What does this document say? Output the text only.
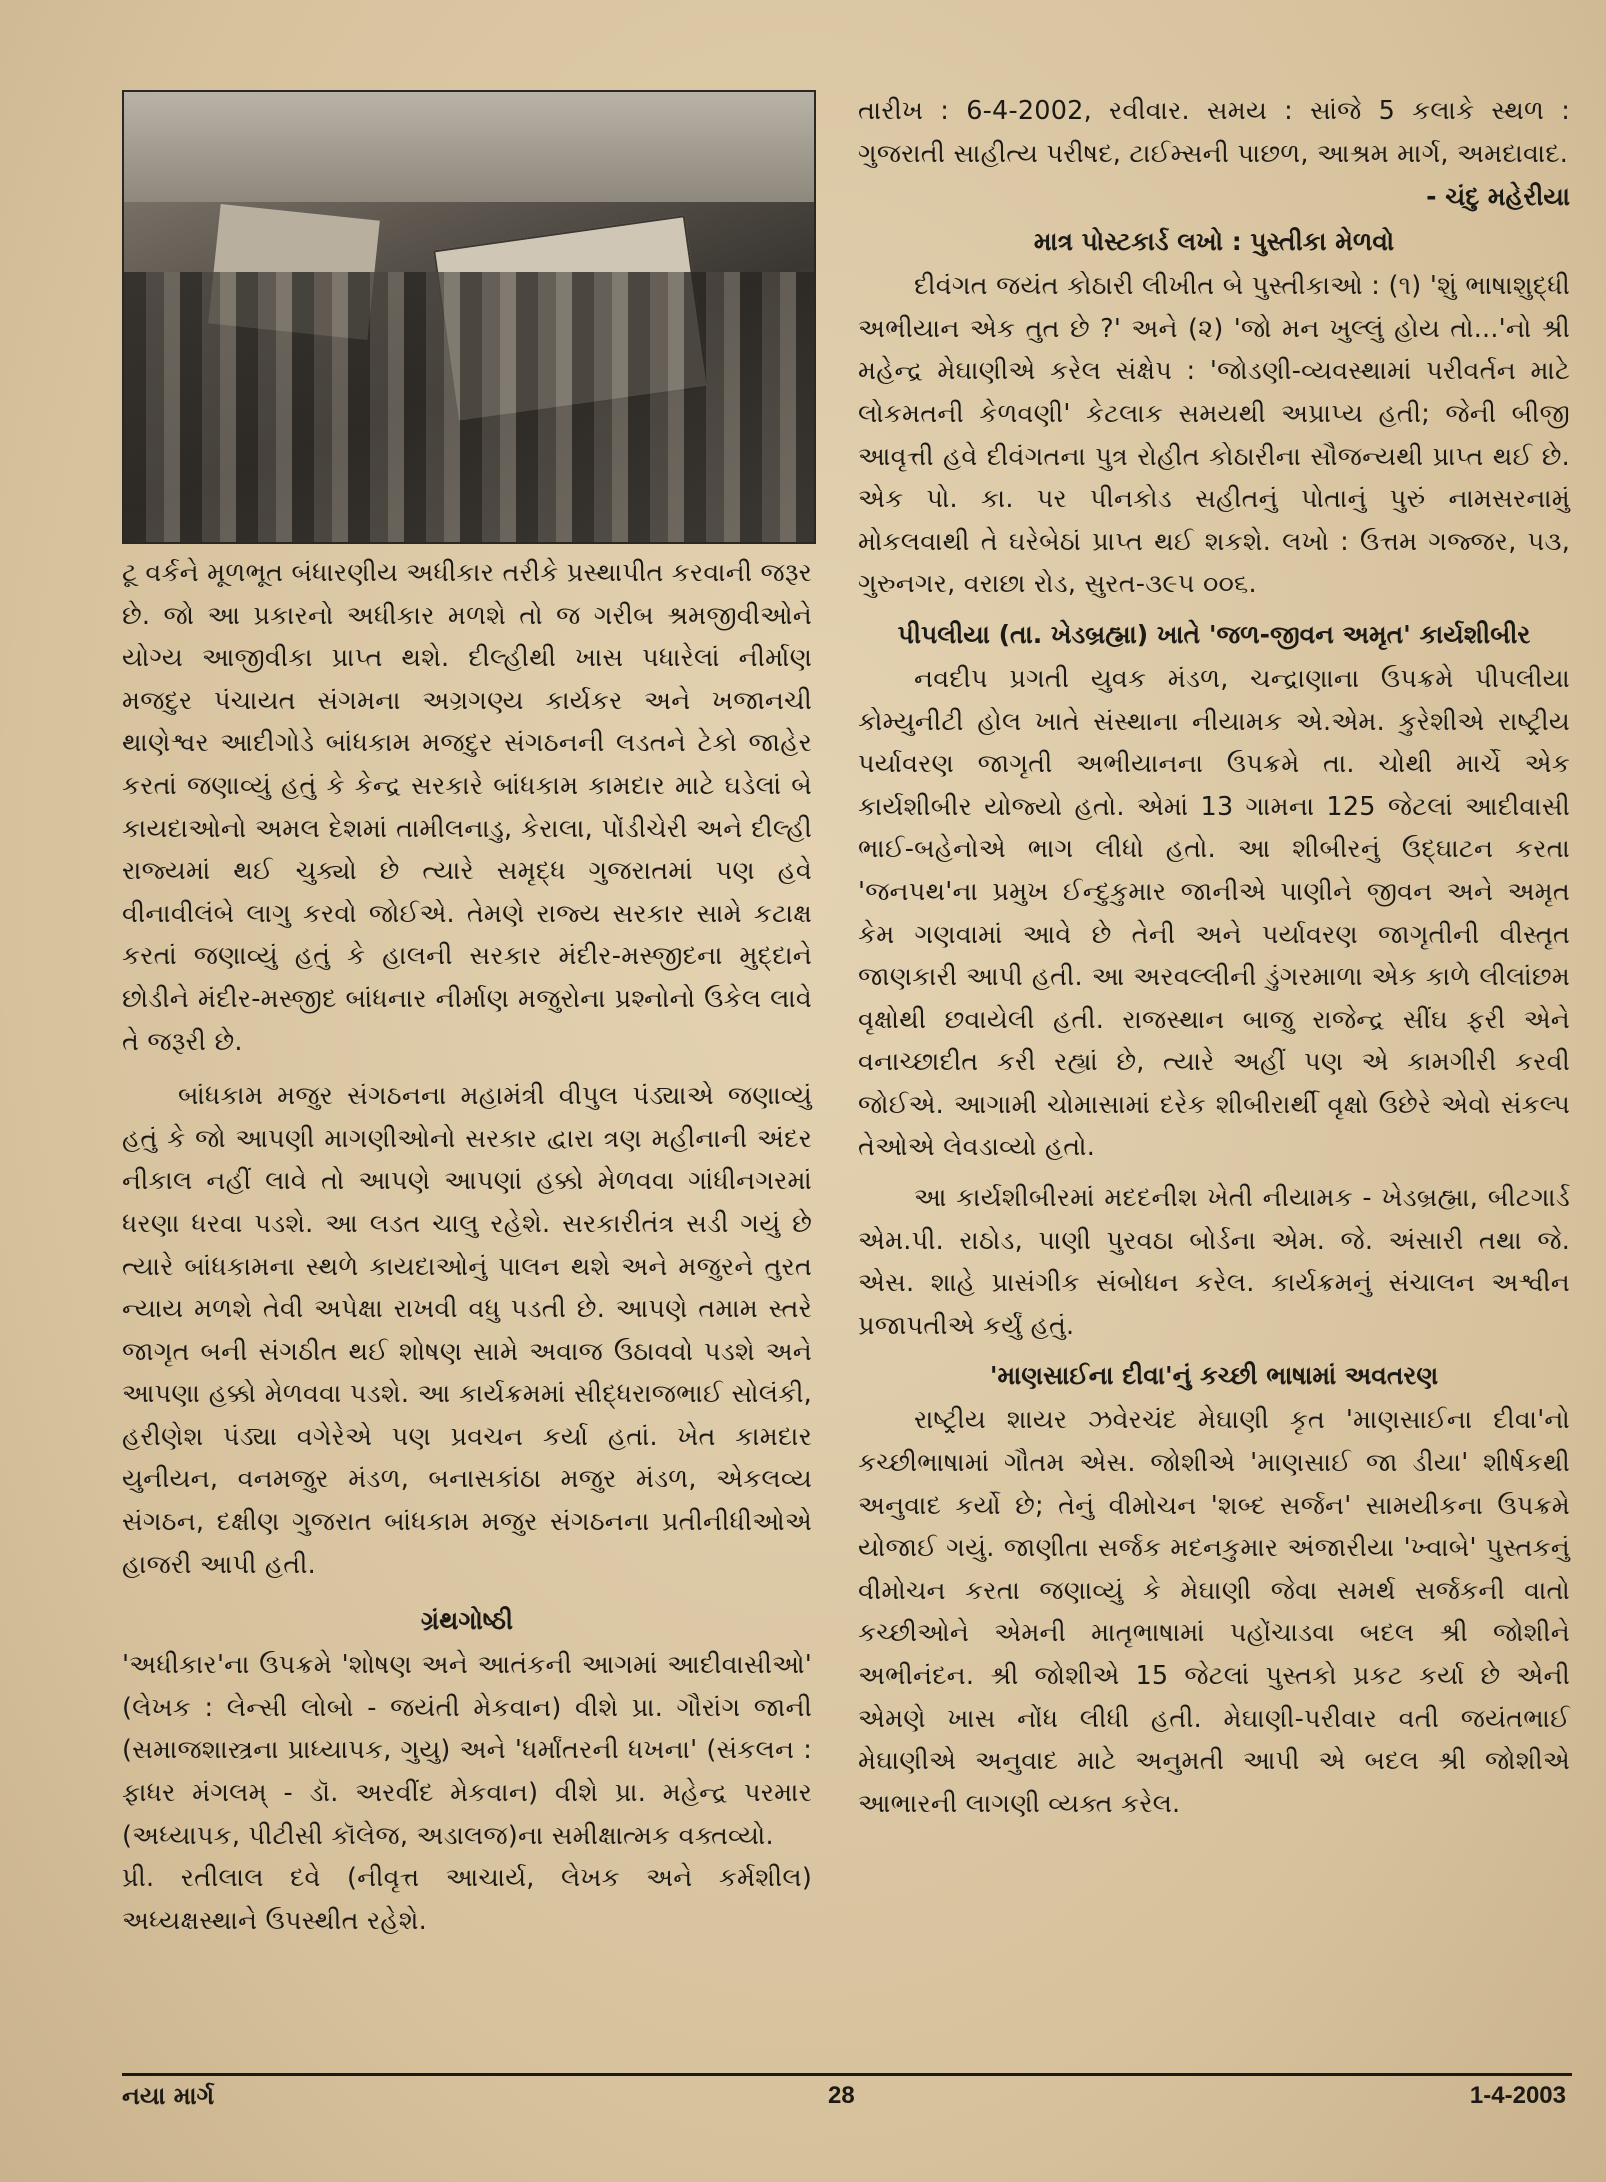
ટૂ વર્કને મૂળભૂત બંધારણીય અધીકાર તરીકે પ્રસ્થાપીત કરવાની જરૂર છે. જો આ પ્રકારનો અધીકાર મળશે તો જ ગરીબ શ્રમજીવીઓને યોગ્ય આજીવીકા પ્રાપ્ત થશે. દીલ્હીથી ખાસ પધારેલાં નીર્માણ મજદુર પંચાયત સંગમના અગ્રગણ્ય કાર્યકર અને ખજાનચી થાણેશ્વર આદીગોડે બાંધકામ મજદુર સંગઠનની લડતને ટેકો જાહેર કરતાં જણાવ્યું હતું કે કેન્દ્ર સરકારે બાંધકામ કામદાર માટે ઘડેલાં બે કાયદાઓનો અમલ દેશમાં તામીલનાડુ, કેરાલા, પોંડીચેરી અને દીલ્હી રાજ્યમાં થઈ ચુક્યો છે ત્યારે સમૃદ્ધ ગુજરાતમાં પણ હવે વીનાવીલંબે લાગુ કરવો જોઈએ. તેમણે રાજ્ય સરકાર સામે કટાક્ષ કરતાં જણાવ્યું હતું કે હાલની સરકાર મંદીર-મસ્જીદના મુદ્દાને છોડીને મંદીર-મસ્જીદ બાંધનાર નીર્માણ મજુરોના પ્રશ્નોનો ઉકેલ લાવે તે જરૂરી છે.

બાંધકામ મજુર સંગઠનના મહામંત્રી વીપુલ પંડ્યાએ જણાવ્યું હતું કે જો આપણી માગણીઓનો સરકાર દ્વારા ત્રણ મહીનાની અંદર નીકાલ નહીં લાવે તો આપણે આપણાં હક્કો મેળવવા ગાંધીનગરમાં ધરણા ધરવા પડશે. આ લડત ચાલુ રહેશે. સરકારીતંત્ર સડી ગયું છે ત્યારે બાંધકામના સ્થળે કાયદાઓનું પાલન થશે અને મજુરને તુરત ન્યાય મળશે તેવી અપેક્ષા રાખવી વધુ પડતી છે. આપણે તમામ સ્તરે જાગૃત બની સંગઠીત થઈ શોષણ સામે અવાજ ઉઠાવવો પડશે અને આપણા હક્કો મેળવવા પડશે. આ કાર્યક્રમમાં સીદ્ધરાજભાઈ સોલંકી, હરીણેશ પંડ્યા વગેરેએ પણ પ્રવચન કર્યા હતાં. ખેત કામદાર યુનીયન, વનમજુર મંડળ, બનાસકાંઠા મજુર મંડળ, એકલવ્ય સંગઠન, દક્ષીણ ગુજરાત બાંધકામ મજુર સંગઠનના પ્રતીનીધીઓએ હાજરી આપી હતી.

ગ્રંથગોષ્ઠી

'અધીકાર'ના ઉપક્રમે 'શોષણ અને આતંકની આગમાં આદીવાસીઓ' (લેખક : લેન્સી લોબો - જયંતી મેકવાન) વીશે પ્રા. ગૌરાંગ જાની (સમાજશાસ્ત્રના પ્રાધ્યાપક, ગુયુ) અને 'ધર્માંતરની ધખના' (સંકલન : ફાધર મંગલમ્ - ડૉ. અરવીંદ મેકવાન) વીશે પ્રા. મહેન્દ્ર પરમાર (અધ્યાપક, પીટીસી કૉલેજ, અડાલજ)ના સમીક્ષાત્મક વક્તવ્યો.

પ્રી. રતીલાલ દવે (નીવૃત્ત આચાર્ય, લેખક અને કર્મશીલ) અધ્યક્ષસ્થાને ઉપસ્થીત રહેશે.

તારીખ : 6-4-2002, રવીવાર. સમય : સાંજે 5 કલાકે સ્થળ : ગુજરાતી સાહીત્ય પરીષદ, ટાઈમ્સની પાછળ, આશ્રમ માર્ગ, અમદાવાદ.

- ચંદુ મહેરીયા
માત્ર પોસ્ટકાર્ડ લખો : પુસ્તીકા મેળવો

દીવંગત જયંત કોઠારી લીખીત બે પુસ્તીકાઓ : (૧) 'શું ભાષાશુદ્ધી અભીયાન એક તુત છે ?' અને (૨) 'જો મન ખુલ્લું હોય તો...'નો શ્રી મહેન્દ્ર મેઘાણીએ કરેલ સંક્ષેપ : 'જોડણી-વ્યવસ્થામાં પરીવર્તન માટે લોકમતની કેળવણી' કેટલાક સમયથી અપ્રાપ્ય હતી; જેની બીજી આવૃત્તી હવે દીવંગતના પુત્ર રોહીત કોઠારીના સૌજન્યથી પ્રાપ્ત થઈ છે. એક પો. કા. પર પીનકોડ સહીતનું પોતાનું પુરું નામસરનામું મોકલવાથી તે ઘરેબેઠાં પ્રાપ્ત થઈ શકશે. લખો : ઉત્તમ ગજ્જર, ૫૩, ગુરુનગર, વરાછા રોડ, સુરત-૩૯૫ ૦૦૬.

પીપલીયા (તા. ખેડબ્રહ્મા) ખાતે 'જળ-જીવન અમૃત' કાર્યશીબીર

નવદીપ પ્રગતી યુવક મંડળ, ચન્દ્રાણાના ઉપક્રમે પીપલીયા કોમ્યુનીટી હોલ ખાતે સંસ્થાના નીયામક એ.એમ. કુરેશીએ રાષ્ટ્રીય પર્યાવરણ જાગૃતી અભીયાનના ઉપક્રમે તા. ચોથી માર્ચે એક કાર્યશીબીર યોજ્યો હતો. એમાં 13 ગામના 125 જેટલાં આદીવાસી ભાઈ-બહેનોએ ભાગ લીધો હતો. આ શીબીરનું ઉદ્ઘાટન કરતા 'જનપથ'ના પ્રમુખ ઈન્દુકુમાર જાનીએ પાણીને જીવન અને અમૃત કેમ ગણવામાં આવે છે તેની અને પર્યાવરણ જાગૃતીની વીસ્તૃત જાણકારી આપી હતી. આ અરવલ્લીની ડુંગરમાળા એક કાળે લીલાંછમ વૃક્ષોથી છવાયેલી હતી. રાજસ્થાન બાજુ રાજેન્દ્ર સીંઘ ફરી એને વનાચ્છાદીત કરી રહ્યાં છે, ત્યારે અહીં પણ એ કામગીરી કરવી જોઈએ. આગામી ચોમાસામાં દરેક શીબીરાર્થી વૃક્ષો ઉછેરે એવો સંકલ્પ તેઓએ લેવડાવ્યો હતો.

આ કાર્યશીબીરમાં મદદનીશ ખેતી નીયામક - ખેડબ્રહ્મા, બીટગાર્ડ એમ.પી. રાઠોડ, પાણી પુરવઠા બોર્ડના એમ. જે. અંસારી તથા જે. એસ. શાહે પ્રાસંગીક સંબોધન કરેલ. કાર્યક્રમનું સંચાલન અશ્વીન પ્રજાપતીએ કર્યું હતું.

'માણસાઈના દીવા'નું કચ્છી ભાષામાં અવતરણ

રાષ્ટ્રીય શાયર ઝવેરચંદ મેઘાણી કૃત 'માણસાઈના દીવા'નો કચ્છીભાષામાં ગૌતમ એસ. જોશીએ 'માણસાઈ જા ડીયા' શીર્ષકથી અનુવાદ કર્યો છે; તેનું વીમોચન 'શબ્દ સર્જન' સામયીકના ઉપક્રમે યોજાઈ ગયું. જાણીતા સર્જક મદનકુમાર અંજારીયા 'ખ્વાબે' પુસ્તકનું વીમોચન કરતા જણાવ્યું કે મેઘાણી જેવા સમર્થ સર્જકની વાતો કચ્છીઓને એમની માતૃભાષામાં પહોંચાડવા બદલ શ્રી જોશીને અભીનંદન. શ્રી જોશીએ 15 જેટલાં પુસ્તકો પ્રકટ કર્યા છે એની એમણે ખાસ નોંધ લીધી હતી. મેઘાણી-પરીવાર વતી જયંતભાઈ મેઘાણીએ અનુવાદ માટે અનુમતી આપી એ બદલ શ્રી જોશીએ આભારની લાગણી વ્યક્ત કરેલ.

નયા માર્ગ	28	1-4-2003
